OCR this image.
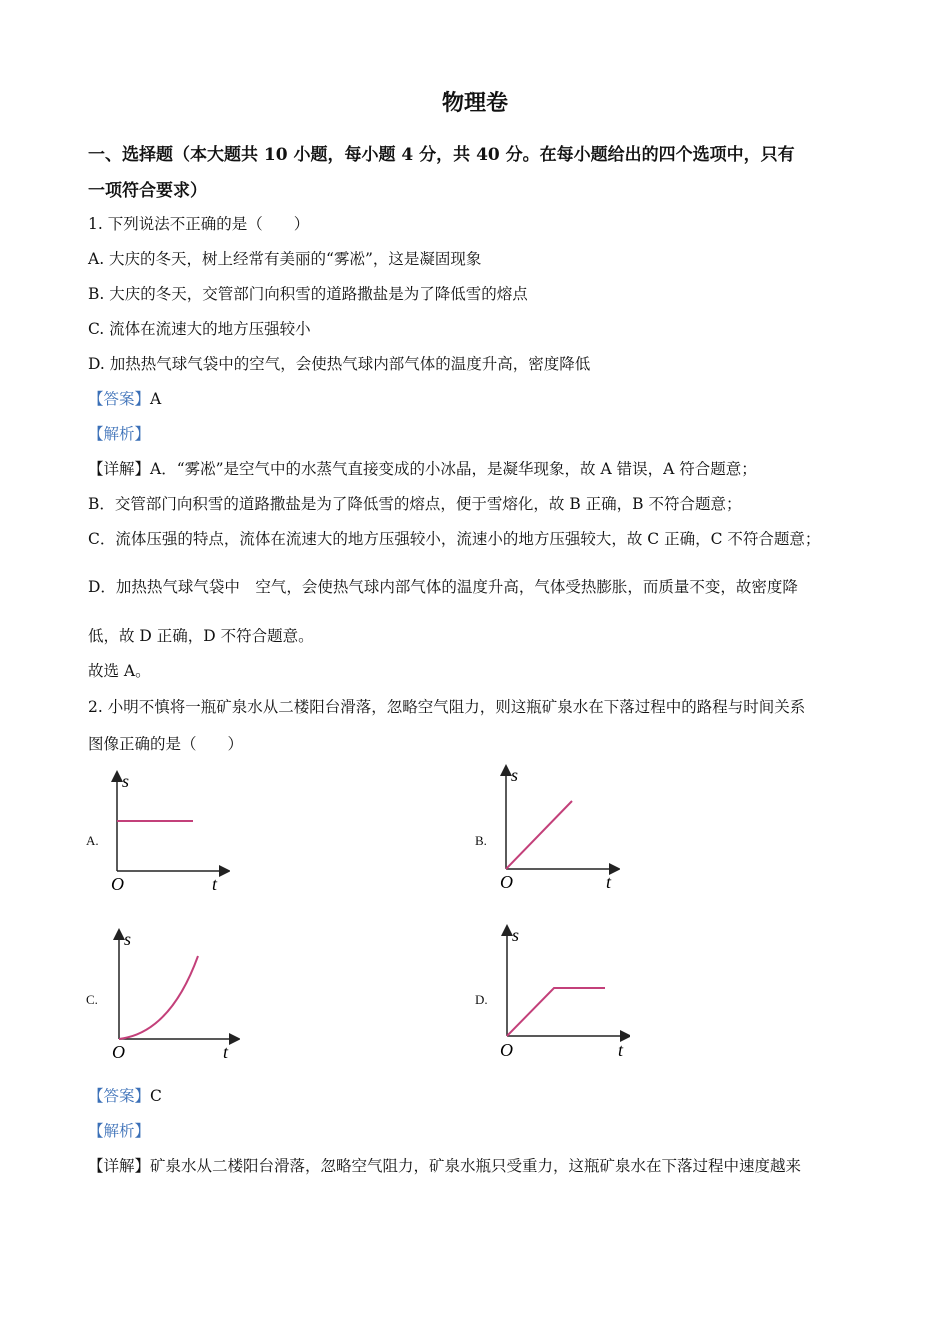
物理卷
一、选择题（本大题共 10 小题，每小题 4 分，共 40 分。在每小题给出的四个选项中，只有
一项符合要求）
1. 下列说法不正确的是（　　）
A. 大庆的冬天，树上经常有美丽的“雾凇”，这是凝固现象
B. 大庆的冬天，交管部门向积雪的道路撒盐是为了降低雪的熔点
C. 流体在流速大的地方压强较小
D. 加热热气球气袋中的空气，会使热气球内部气体的温度升高，密度降低
【答案】A
【解析】
【详解】A．“雾凇”是空气中的水蒸气直接变成的小冰晶，是凝华现象，故 A 错误，A 符合题意；
B．交管部门向积雪的道路撒盐是为了降低雪的熔点，便于雪熔化，故 B 正确，B 不符合题意；
C．流体压强的特点，流体在流速大的地方压强较小，流速小的地方压强较大，故 C 正确，C 不符合题意；
D．加热热气球气袋中　空气，会使热气球内部气体的温度升高，气体受热膨胀，而质量不变，故密度降
低，故 D 正确，D 不符合题意。
故选 A。
2. 小明不慎将一瓶矿泉水从二楼阳台滑落，忽略空气阻力，则这瓶矿泉水在下落过程中的路程与时间关系
图像正确的是（　　）
A.
s
O	t
B.
s
O	t
C.
s
O	t
D.
s
O	t
【答案】C
【解析】
【详解】矿泉水从二楼阳台滑落，忽略空气阻力，矿泉水瓶只受重力，这瓶矿泉水在下落过程中速度越来
